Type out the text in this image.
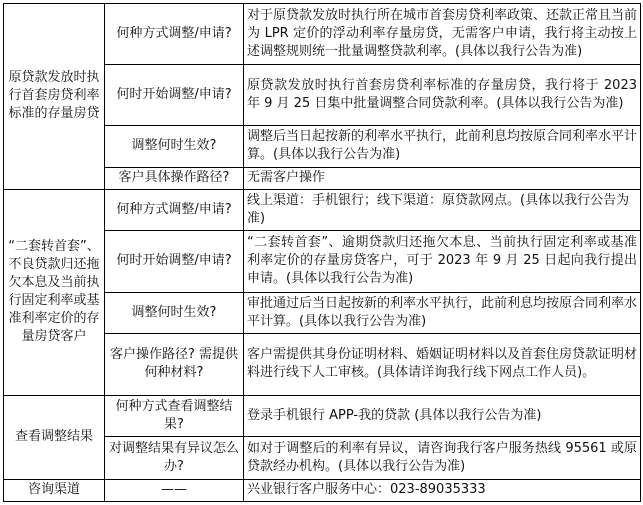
原贷款发放时执行首套房贷利率标准的存量房贷	何种方式调整/申请?	对于原贷款发放时执行所在城市首套房贷利率政策、还款正常且当前为 LPR 定价的浮动利率存量房贷，无需客户申请，我行将主动按上述调整规则统一批量调整贷款利率。(具体以我行公告为准)
	何时开始调整/申请?	原贷款发放时执行首套房贷利率标准的存量房贷，我行将于 2023 年 9 月 25 日集中批量调整合同贷款利率。(具体以我行公告为准)
	调整何时生效?	调整后当日起按新的利率水平执行，此前利息均按原合同利率水平计算。(具体以我行公告为准)
	客户具体操作路径?	无需客户操作
“二套转首套”、不良贷款归还拖欠本息及当前执行固定利率或基准利率定价的存量房贷客户	何种方式调整/申请?	线上渠道：手机银行；线下渠道：原贷款网点。(具体以我行公告为准)
	何时开始调整/申请?	“二套转首套”、逾期贷款归还拖欠本息、当前执行固定利率或基准利率定价的存量房贷客户，可于 2023 年 9 月 25 日起向我行提出申请。(具体以我行公告为准)
	调整何时生效?	审批通过后当日起按新的利率水平执行，此前利息均按原合同利率水平计算。(具体以我行公告为准)
	客户操作路径? 需提供何种材料?	客户需提供其身份证明材料、婚姻证明材料以及首套住房贷款证明材料进行线下人工审核。(具体请详询我行线下网点工作人员)。
查看调整结果	何种方式查看调整结果?	登录手机银行 APP-我的贷款 (具体以我行公告为准)
	对调整结果有异议怎么办?	如对于调整后的利率有异议，请咨询我行客户服务热线 95561 或原贷款经办机构。(具体以我行公告为准)
咨询渠道	——	兴业银行客户服务中心：023-89035333
